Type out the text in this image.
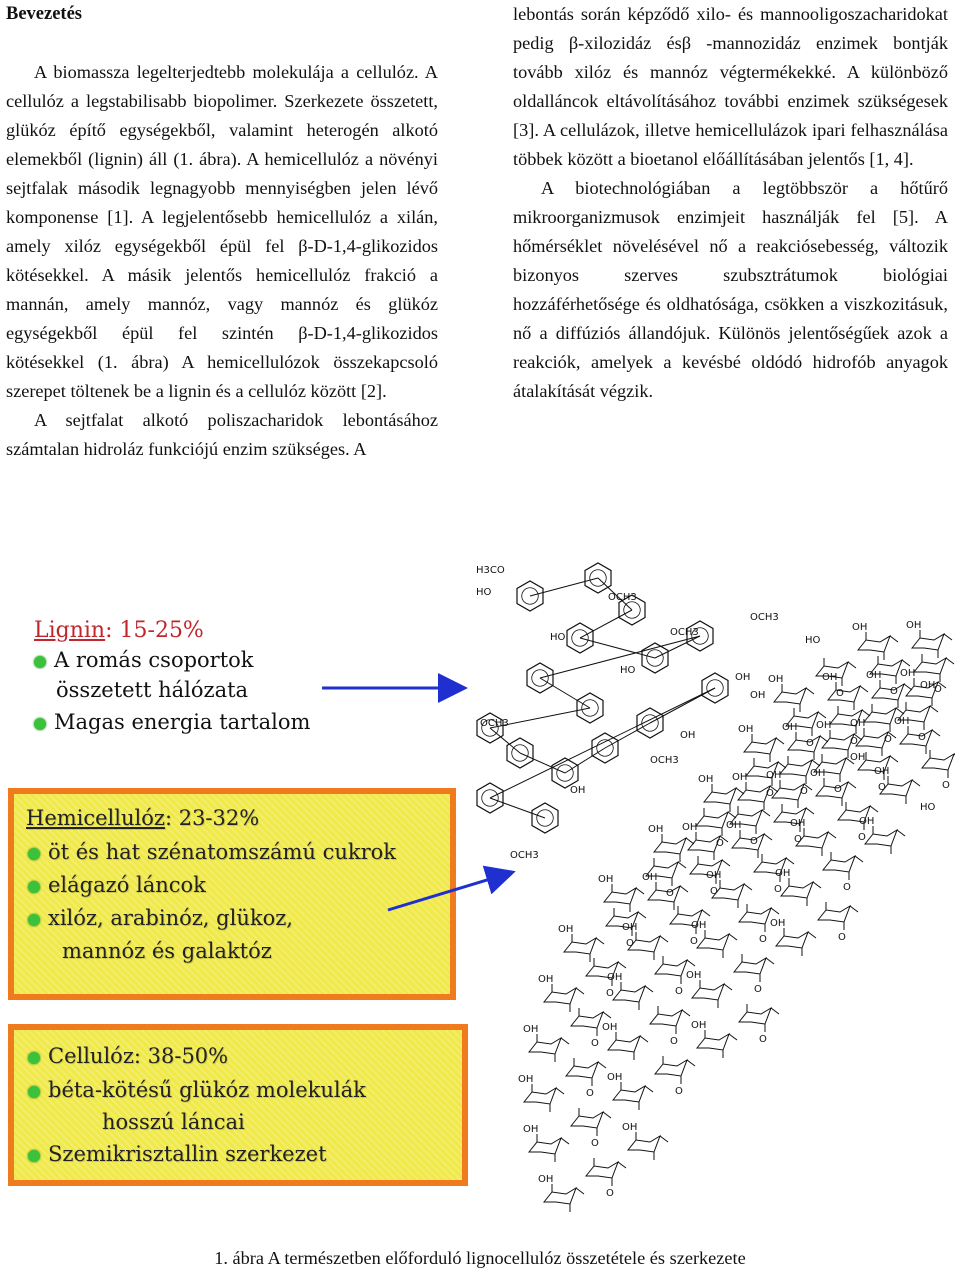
Bevezetés

A biomassza legelterjedtebb molekulája a cellulóz. A cellulóz a legstabilisabb biopolimer. Szerkezete összetett, glükóz építő egységekből, valamint heterogén alkotó elemekből (lignin) áll (1. ábra). A hemicellulóz a növényi sejtfalak második legnagyobb mennyiségben jelen lévő komponense [1]. A legjelentősebb hemicellulóz a xilán, amely xilóz egységekből épül fel β-D-1,4-glikozidos kötésekkel. A másik jelentős hemicellulóz frakció a mannán, amely mannóz, vagy mannóz és glükóz egységekből épül fel szintén β-D-1,4-glikozidos kötésekkel (1. ábra) A hemicellulózok összekapcsoló szerepet töltenek be a lignin és a cellulóz között [2].

A sejtfalat alkotó poliszacharidok lebontásához számtalan hidroláz funkciójú enzim szükséges. A

lebontás során képződő xilo- és mannooligoszacharidokat pedig β-xilozidáz ésβ -mannozidáz enzimek bontják tovább xilóz és mannóz végtermékekké. A különböző oldalláncok eltávolításához további enzimek szükségesek [3]. A cellulázok, illetve hemicellulázok ipari felhasználása többek között a bioetanol előállításában jelentős [1, 4].

A biotechnológiában a legtöbbször a hőtűrő mikroorganizmusok enzimjeit használják fel [5]. A hőmérséklet növelésével nő a reakciósebesség, változik bizonyos szerves szubsztrátumok biológiai hozzáférhetősége és oldhatósága, csökken a viszkozitásuk, nő a diffúziós állandójuk. Különös jelentőségűek azok a reakciók, amelyek a kevésbé oldódó hidrofób anyagok átalakítását végzik.

Lignin: 15-25%
A romás csoportok
összetett hálózata
Magas energia tartalom
Hemicellulóz: 23-32%
öt és hat szénatomszámú cukrok
elágazó láncok
xilóz, arabinóz, glükoz,
mannóz és galaktóz
Cellulóz: 38-50%
béta-kötésű glükóz molekulák
hosszú láncai
Szemikrisztallin szerkezet
H3CO
HO	OCH3
OCH3
OCH3
OH
OCH3
OH
OCH3
OH
OCH3
OH
HO
HO
OH
O
OH
OH
O
OH
O
OH
OH
O
OH
O
OH
O
OH
O
OH
O
OH
O
OH
OH
O
OH
O
OH
O
OH
O
OH
O
OH
O
OH
O
OH
O
OH
OH
O
OH
O
OH
O
OH
O
OH
O
OH
O
OH
O
OH
O
OH
O
OH
OH
O
OH
O
OH
O
OH
O
OH
O
OH
O
OH
O
OH
O
OH
HO
OH
OH
HO
1. ábra A természetben előforduló lignocellulóz összetétele és szerkezete
